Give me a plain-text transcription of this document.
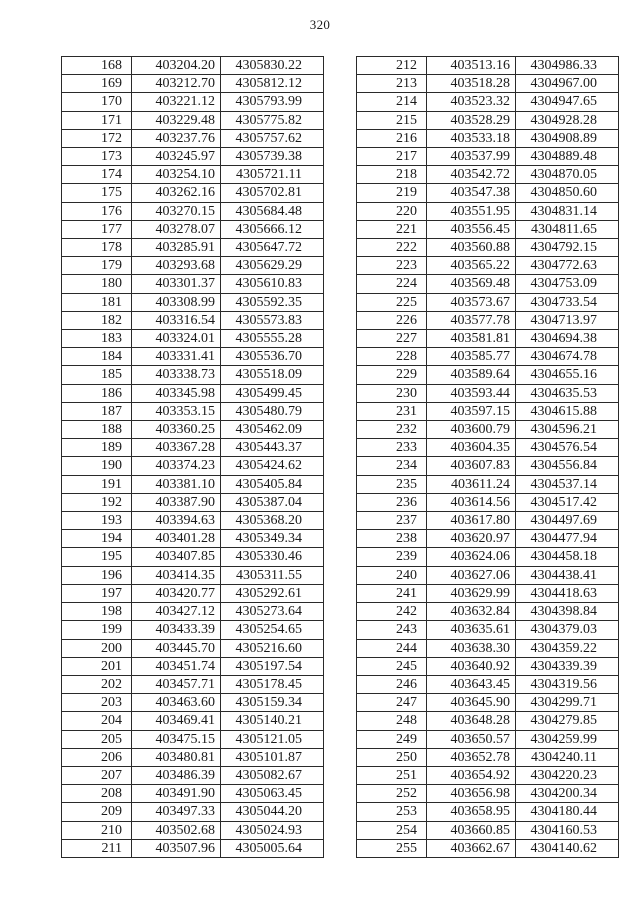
320
168	403204.20	4305830.22
169	403212.70	4305812.12
170	403221.12	4305793.99
171	403229.48	4305775.82
172	403237.76	4305757.62
173	403245.97	4305739.38
174	403254.10	4305721.11
175	403262.16	4305702.81
176	403270.15	4305684.48
177	403278.07	4305666.12
178	403285.91	4305647.72
179	403293.68	4305629.29
180	403301.37	4305610.83
181	403308.99	4305592.35
182	403316.54	4305573.83
183	403324.01	4305555.28
184	403331.41	4305536.70
185	403338.73	4305518.09
186	403345.98	4305499.45
187	403353.15	4305480.79
188	403360.25	4305462.09
189	403367.28	4305443.37
190	403374.23	4305424.62
191	403381.10	4305405.84
192	403387.90	4305387.04
193	403394.63	4305368.20
194	403401.28	4305349.34
195	403407.85	4305330.46
196	403414.35	4305311.55
197	403420.77	4305292.61
198	403427.12	4305273.64
199	403433.39	4305254.65
200	403445.70	4305216.60
201	403451.74	4305197.54
202	403457.71	4305178.45
203	403463.60	4305159.34
204	403469.41	4305140.21
205	403475.15	4305121.05
206	403480.81	4305101.87
207	403486.39	4305082.67
208	403491.90	4305063.45
209	403497.33	4305044.20
210	403502.68	4305024.93
211	403507.96	4305005.64
212	403513.16	4304986.33
213	403518.28	4304967.00
214	403523.32	4304947.65
215	403528.29	4304928.28
216	403533.18	4304908.89
217	403537.99	4304889.48
218	403542.72	4304870.05
219	403547.38	4304850.60
220	403551.95	4304831.14
221	403556.45	4304811.65
222	403560.88	4304792.15
223	403565.22	4304772.63
224	403569.48	4304753.09
225	403573.67	4304733.54
226	403577.78	4304713.97
227	403581.81	4304694.38
228	403585.77	4304674.78
229	403589.64	4304655.16
230	403593.44	4304635.53
231	403597.15	4304615.88
232	403600.79	4304596.21
233	403604.35	4304576.54
234	403607.83	4304556.84
235	403611.24	4304537.14
236	403614.56	4304517.42
237	403617.80	4304497.69
238	403620.97	4304477.94
239	403624.06	4304458.18
240	403627.06	4304438.41
241	403629.99	4304418.63
242	403632.84	4304398.84
243	403635.61	4304379.03
244	403638.30	4304359.22
245	403640.92	4304339.39
246	403643.45	4304319.56
247	403645.90	4304299.71
248	403648.28	4304279.85
249	403650.57	4304259.99
250	403652.78	4304240.11
251	403654.92	4304220.23
252	403656.98	4304200.34
253	403658.95	4304180.44
254	403660.85	4304160.53
255	403662.67	4304140.62
